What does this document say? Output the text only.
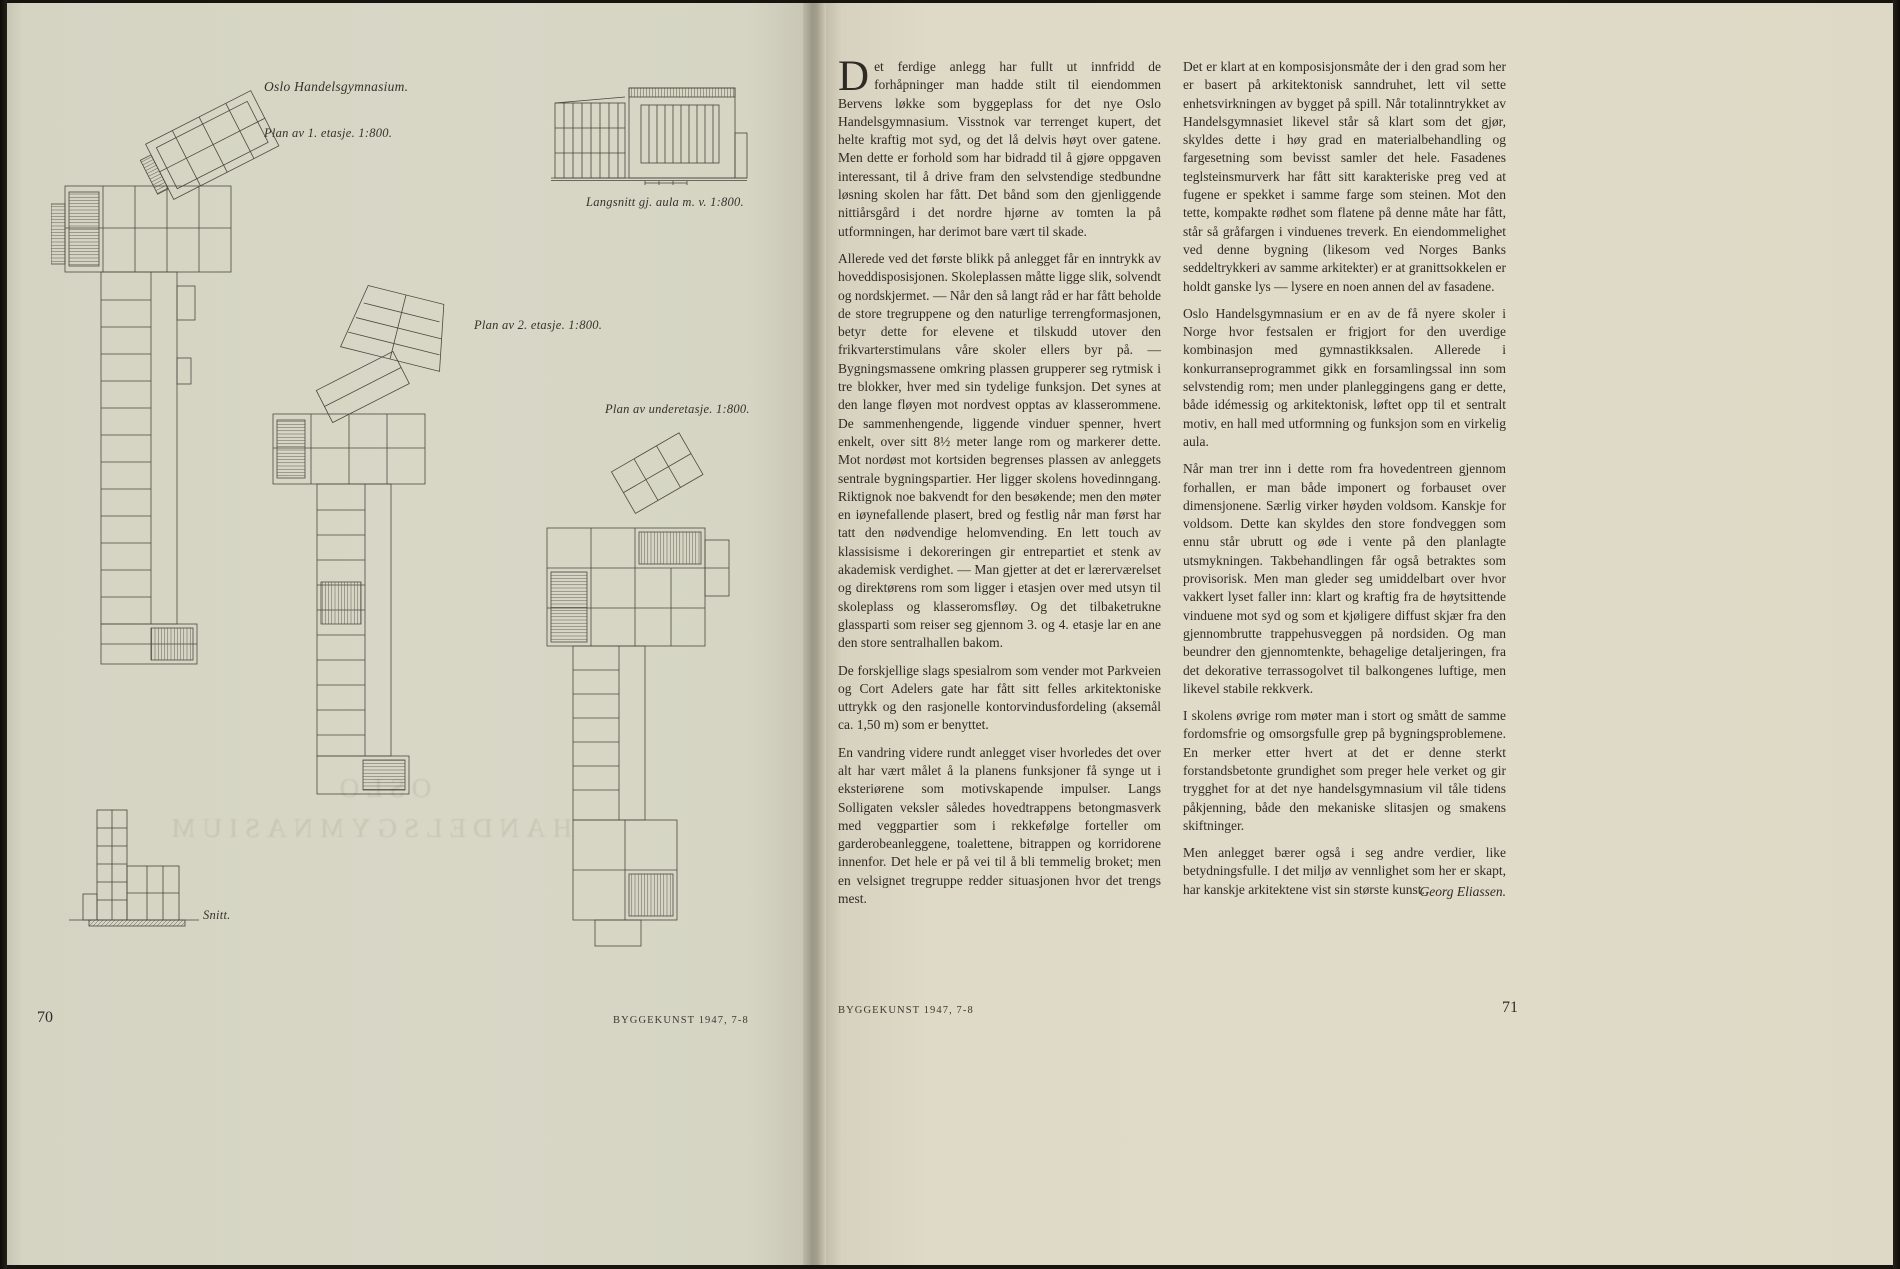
Oslo Handelsgymnasium.
Plan av 1. etasje. 1:800.
Langsnitt gj. aula m. v. 1:800.
Plan av 2. etasje. 1:800.
Plan av underetasje. 1:800.
Snitt.
OSLO HANDELSGYMNASIUM
70	BYGGEKUNST 1947, 7-8

Det ferdige anlegg har fullt ut innfridd de forhåpninger man hadde stilt til eiendommen Bervens løkke som byggeplass for det nye Oslo Handelsgymnasium. Visstnok var terrenget kupert, det helte kraftig mot syd, og det lå delvis høyt over gatene. Men dette er forhold som har bidradd til å gjøre oppgaven interessant, til å drive fram den selvstendige stedbundne løsning skolen har fått. Det bånd som den gjenliggende nittiårsgård i det nordre hjørne av tomten la på utformningen, har derimot bare vært til skade.

Allerede ved det første blikk på anlegget får en inntrykk av hoveddisposisjonen. Skoleplassen måtte ligge slik, solvendt og nordskjermet. — Når den så langt råd er har fått beholde de store tregruppene og den naturlige terrengformasjonen, betyr dette for elevene et tilskudd utover den frikvarterstimulans våre skoler ellers byr på. — Bygningsmassene omkring plassen grupperer seg rytmisk i tre blokker, hver med sin tydelige funksjon. Det synes at den lange fløyen mot nordvest opptas av klasserommene. De sammenhengende, liggende vinduer spenner, hvert enkelt, over sitt 8½ meter lange rom og markerer dette. Mot nordøst mot kortsiden begrenses plassen av anleggets sentrale bygningspartier. Her ligger skolens hovedinngang. Riktignok noe bakvendt for den besøkende; men den møter en iøynefallende plasert, bred og festlig når man først har tatt den nødvendige helomvending. En lett touch av klassisisme i dekoreringen gir entrepartiet et stenk av akademisk verdighet. — Man gjetter at det er lærerværelset og direktørens rom som ligger i etasjen over med utsyn til skoleplass og klasseromsfløy. Og det tilbaketrukne glassparti som reiser seg gjennom 3. og 4. etasje lar en ane den store sentralhallen bakom.

De forskjellige slags spesialrom som vender mot Parkveien og Cort Adelers gate har fått sitt felles arkitektoniske uttrykk og den rasjonelle kontorvindusfordeling (aksemål ca. 1,50 m) som er benyttet.

En vandring videre rundt anlegget viser hvorledes det over alt har vært målet å la planens funksjoner få synge ut i eksteriørene som motivskapende impulser. Langs Solligaten veksler således hovedtrappens betongmasverk med veggpartier som i rekkefølge forteller om garderobeanleggene, toalettene, bitrappen og korridorene innenfor. Det hele er på vei til å bli temmelig broket; men en velsignet tregruppe redder situasjonen hvor det trengs mest.

Det er klart at en komposisjonsmåte der i den grad som her er basert på arkitektonisk sanndruhet, lett vil sette enhetsvirkningen av bygget på spill. Når totalinntrykket av Handelsgymnasiet likevel står så klart som det gjør, skyldes dette i høy grad en materialbehandling og fargesetning som bevisst samler det hele. Fasadenes teglsteinsmurverk har fått sitt karakteriske preg ved at fugene er spekket i samme farge som steinen. Mot den tette, kompakte rødhet som flatene på denne måte har fått, står så gråfargen i vinduenes treverk. En eiendommelighet ved denne bygning (likesom ved Norges Banks seddeltrykkeri av samme arkitekter) er at granittsokkelen er holdt ganske lys — lysere en noen annen del av fasadene.

Oslo Handelsgymnasium er en av de få nyere skoler i Norge hvor festsalen er frigjort for den uverdige kombinasjon med gymnastikksalen. Allerede i konkurranseprogrammet gikk en forsamlingssal inn som selvstendig rom; men under planleggingens gang er dette, både idémessig og arkitektonisk, løftet opp til et sentralt motiv, en hall med utformning og funksjon som en virkelig aula.

Når man trer inn i dette rom fra hovedentreen gjennom forhallen, er man både imponert og forbauset over dimensjonene. Særlig virker høyden voldsom. Kanskje for voldsom. Dette kan skyldes den store fondveggen som ennu står ubrutt og øde i vente på den planlagte utsmykningen. Takbehandlingen får også betraktes som provisorisk. Men man gleder seg umiddelbart over hvor vakkert lyset faller inn: klart og kraftig fra de høytsittende vinduene mot syd og som et kjøligere diffust skjær fra den gjennombrutte trappehusveggen på nordsiden. Og man beundrer den gjennomtenkte, behagelige detaljeringen, fra det dekorative terrassogolvet til balkongenes luftige, men likevel stabile rekkverk.

I skolens øvrige rom møter man i stort og smått de samme fordomsfrie og omsorgsfulle grep på bygningsproblemene. En merker etter hvert at det er denne sterkt forstandsbetonte grundighet som preger hele verket og gir trygghet for at det nye handelsgymnasium vil tåle tidens påkjenning, både den mekaniske slitasjen og smakens skiftninger.

Men anlegget bærer også i seg andre verdier, like betydningsfulle. I det miljø av vennlighet som her er skapt, har kanskje arkitektene vist sin største kunst.

Georg Eliassen.
BYGGEKUNST 1947, 7-8	71
